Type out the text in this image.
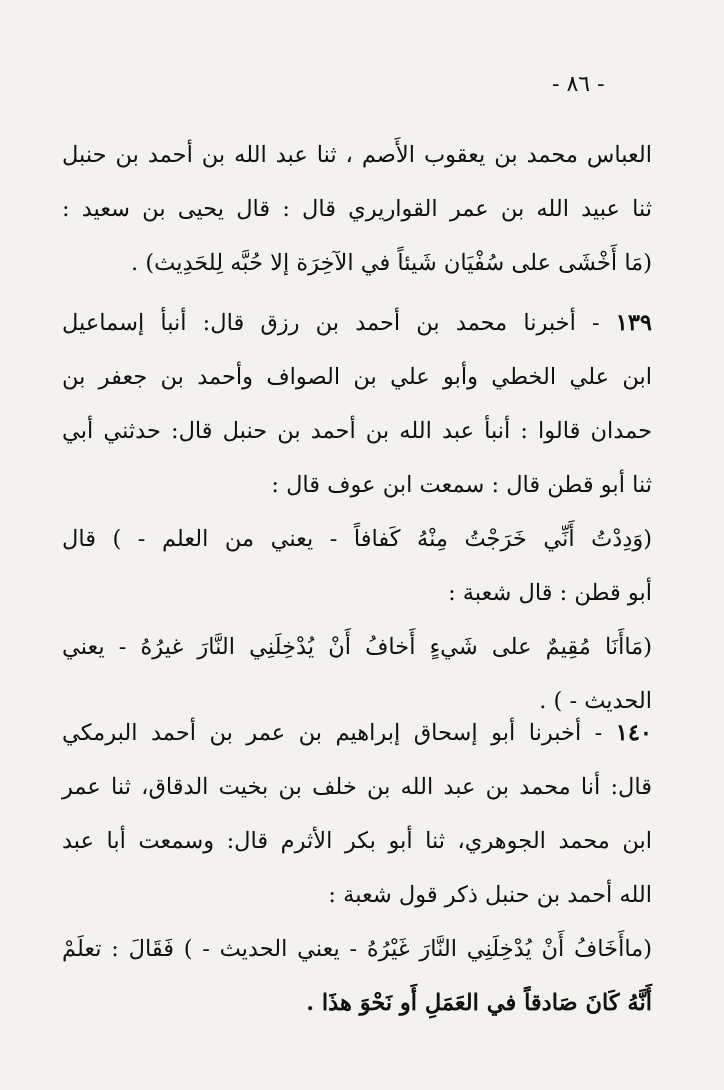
- ٨٦ -
العباس محمد بن يعقوب الأَصم ، ثنا عبد الله بن أحمد بن حنبل
ثنا عبيد الله بن عمر القواريري قال : قال يحيى بن سعيد :
(مَا أَخْشَى على سُفْيَان شَيئاً في الآخِرَة إلا حُبَّه لِلحَدِيث) .
١٣٩ - أخبرنا محمد بن أحمد بن رزق قال: أنبأ إسماعيل
ابن علي الخطي وأبو علي بن الصواف وأحمد بن جعفر بن
حمدان قالوا : أنبأ عبد الله بن أحمد بن حنبل قال: حدثني أبي
ثنا أبو قطن قال : سمعت ابن عوف قال :
(وَدِدْتُ أَنِّي خَرَجْتُ مِنْهُ كَفافاً - يعني من العلم - ) قال
أبو قطن : قال شعبة :
(مَاأَنَا مُقِيمٌ على شَيءٍ أَخافُ أَنْ يُدْخِلَنِي النَّارَ غيرُهُ - يعني
الحديث - ) .
١٤٠ - أخبرنا أبو إسحاق إبراهيم بن عمر بن أحمد البرمكي
قال: أنا محمد بن عبد الله بن خلف بن بخيت الدقاق، ثنا عمر
ابن محمد الجوهري، ثنا أبو بكر الأثرم قال: وسمعت أبا عبد
الله أحمد بن حنبل ذكر قول شعبة :
(ماأَخَافُ أَنْ يُدْخِلَنِي النَّارَ غَيْرُهُ - يعني الحديث - ) فَقَالَ : تعلَمْ
أَنَّهُ كَانَ صَادقاً في العَمَلِ أَو نَحْوَ هذَا .
